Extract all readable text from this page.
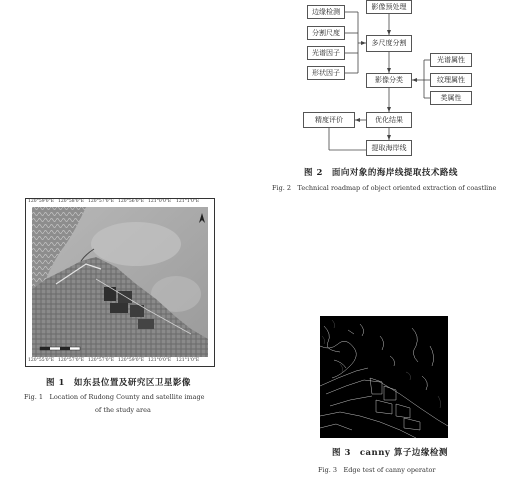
影像预处理
边缘检测
分割尺度
光谱因子
形状因子
多尺度分割
光谱属性
纹理属性
类属性
影像分类
精度评价	优化结果
提取海岸线
图 2　面向对象的海岸线提取技术路线
Fig. 2　Technical roadmap of object oriented extraction of coastline
120°59'0"E 120°58'0"E 120°57'0"E 120°56'0"E 121°0'0"E 121°1'0"E
120°55'0"E 120°57'0"E 120°57'0"E 120°59'0"E 121°0'0"E 121°1'0"E
图 1　如东县位置及研究区卫星影像
Fig. 1　Location of Rudong County and satellite image
of the study area
图 3　canny 算子边缘检测
Fig. 3　Edge test of canny operator
